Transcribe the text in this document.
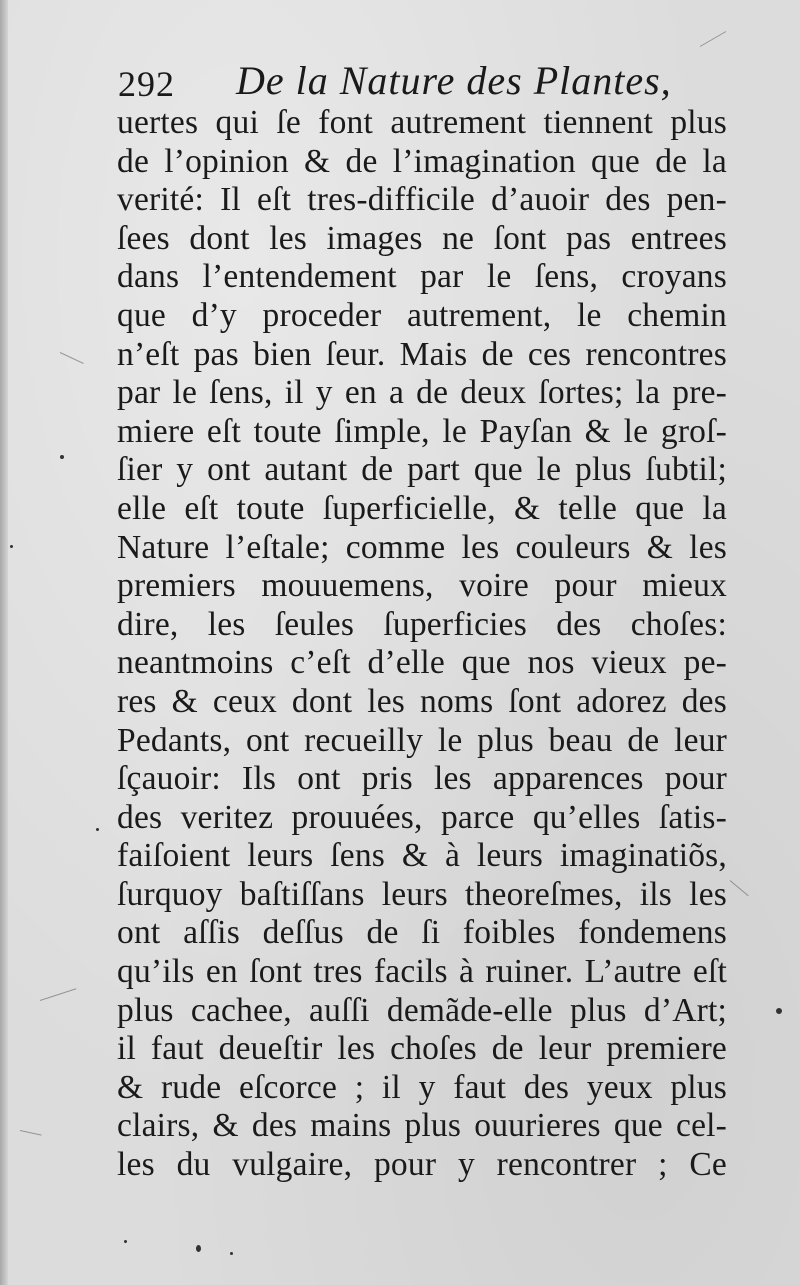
292 De la Nature des Plantes,
uertes qui ſe font autrement tiennent plus
de l’opinion & de l’imagination que de la
verité: Il eſt tres-difficile d’auoir des pen-
ſees dont les images ne ſont pas entrees
dans l’entendement par le ſens, croyans
que d’y proceder autrement, le chemin
n’eſt pas bien ſeur. Mais de ces rencontres
par le ſens, il y en a de deux ſortes; la pre-
miere eſt toute ſimple, le Payſan & le groſ-
ſier y ont autant de part que le plus ſubtil;
elle eſt toute ſuperficielle, & telle que la
Nature l’eſtale; comme les couleurs & les
premiers mouuemens, voire pour mieux
dire, les ſeules ſuperficies des choſes:
neantmoins c’eſt d’elle que nos vieux pe-
res & ceux dont les noms ſont adorez des
Pedants, ont recueilly le plus beau de leur
ſçauoir: Ils ont pris les apparences pour
des veritez prouuées, parce qu’elles ſatis-
faiſoient leurs ſens & à leurs imaginatiõs,
ſurquoy baſtiſſans leurs theoreſmes, ils les
ont aſſis deſſus de ſi foibles fondemens
qu’ils en ſont tres facils à ruiner. L’autre eſt
plus cachee, auſſi demãde-elle plus d’Art;
il faut deueſtir les choſes de leur premiere
& rude eſcorce ; il y faut des yeux plus
clairs, & des mains plus ouurieres que cel-
les du vulgaire, pour y rencontrer ; Ce
